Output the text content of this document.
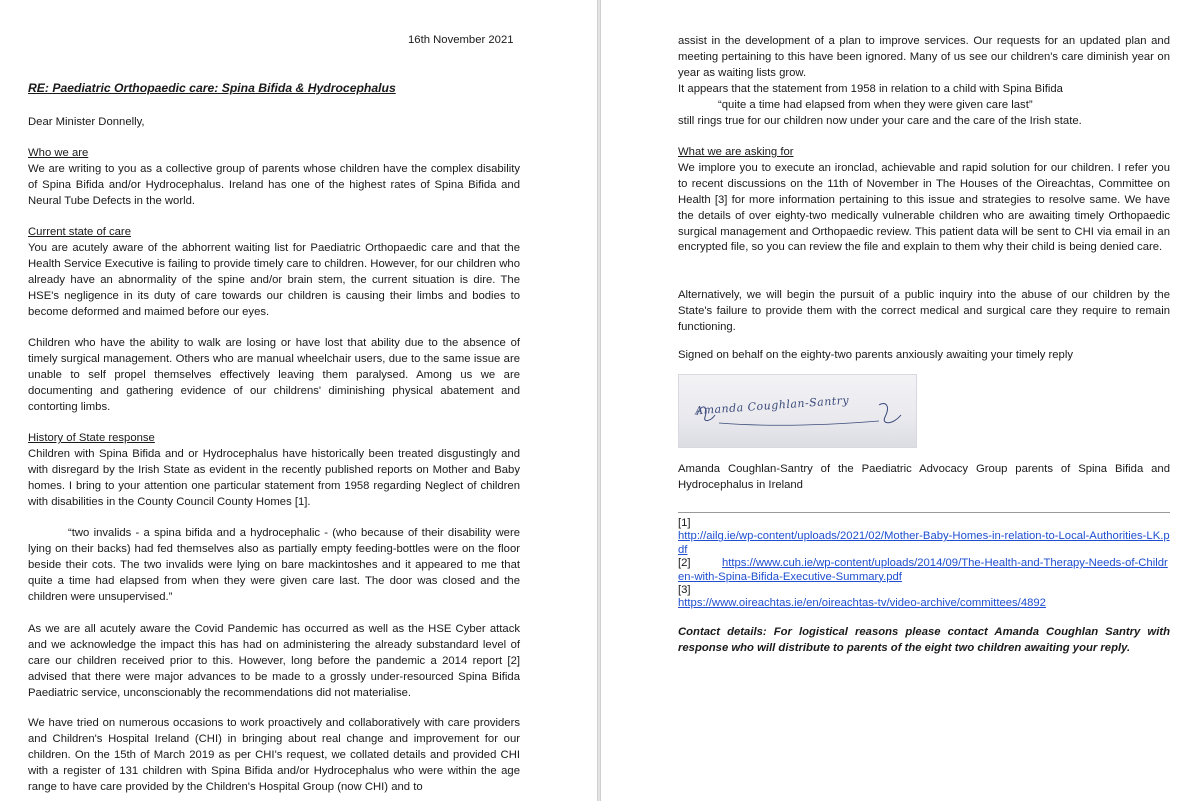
16th November 2021
RE: Paediatric Orthopaedic care: Spina Bifida & Hydrocephalus

Dear Minister Donnelly,

Who we are

We are writing to you as a collective group of parents whose children have the complex disability of Spina Bifida and/or Hydrocephalus. Ireland has one of the highest rates of Spina Bifida and Neural Tube Defects in the world.

Current state of care

You are acutely aware of the abhorrent waiting list for Paediatric Orthopaedic care and that the Health Service Executive is failing to provide timely care to children. However, for our children who already have an abnormality of the spine and/or brain stem, the current situation is dire. The HSE's negligence in its duty of care towards our children is causing their limbs and bodies to become deformed and maimed before our eyes.

Children who have the ability to walk are losing or have lost that ability due to the absence of timely surgical management. Others who are manual wheelchair users, due to the same issue are unable to self propel themselves effectively leaving them paralysed. Among us we are documenting and gathering evidence of our childrens' diminishing physical abatement and contorting limbs.

History of State response

Children with Spina Bifida and or Hydrocephalus have historically been treated disgustingly and with disregard by the Irish State as evident in the recently published reports on Mother and Baby homes. I bring to your attention one particular statement from 1958 regarding Neglect of children with disabilities in the County Council County Homes [1].

“two invalids - a spina bifida and a hydrocephalic - (who because of their disability were lying on their backs) had fed themselves also as partially empty feeding-bottles were on the floor beside their cots. The two invalids were lying on bare mackintoshes and it appeared to me that quite a time had elapsed from when they were given care last. The door was closed and the children were unsupervised.”

As we are all acutely aware the Covid Pandemic has occurred as well as the HSE Cyber attack and we acknowledge the impact this has had on administering the already substandard level of care our children received prior to this. However, long before the pandemic a 2014 report [2] advised that there were major advances to be made to a grossly under-resourced Spina Bifida Paediatric service, unconscionably the recommendations did not materialise.

We have tried on numerous occasions to work proactively and collaboratively with care providers and Children's Hospital Ireland (CHI) in bringing about real change and improvement for our children. On the 15th of March 2019 as per CHI's request, we collated details and provided CHI with a register of 131 children with Spina Bifida and/or Hydrocephalus who were within the age range to have care provided by the Children's Hospital Group (now CHI) and to

assist in the development of a plan to improve services. Our requests for an updated plan and meeting pertaining to this have been ignored. Many of us see our children's care diminish year on year as waiting lists grow.

It appears that the statement from 1958 in relation to a child with Spina Bifida

“quite a time had elapsed from when they were given care last”

still rings true for our children now under your care and the care of the Irish state.

What we are asking for

We implore you to execute an ironclad, achievable and rapid solution for our children. I refer you to recent discussions on the 11th of November in The Houses of the Oireachtas, Committee on Health [3] for more information pertaining to this issue and strategies to resolve same. We have the details of over eighty-two medically vulnerable children who are awaiting timely Orthopaedic surgical management and Orthopaedic review. This patient data will be sent to CHI via email in an encrypted file, so you can review the file and explain to them why their child is being denied care.

Alternatively, we will begin the pursuit of a public inquiry into the abuse of our children by the State's failure to provide them with the correct medical and surgical care they require to remain functioning.

Signed on behalf on the eighty-two parents anxiously awaiting your timely reply

Amanda Coughlan-Santry

Amanda Coughlan-Santry of the Paediatric Advocacy Group parents of Spina Bifida and Hydrocephalus in Ireland

[1]
http://ailg.ie/wp-content/uploads/2021/02/Mother-Baby-Homes-in-relation-to-Local-Authorities-LK.pdf
[2]	https://www.cuh.ie/wp-content/uploads/2014/09/The-Health-and-Therapy-Needs-of-Children-with-Spina-Bifida-Executive-Summary.pdf
[3]
https://www.oireachtas.ie/en/oireachtas-tv/video-archive/committees/4892
Contact details: For logistical reasons please contact Amanda Coughlan Santry with response who will distribute to parents of the eight two children awaiting your reply.
